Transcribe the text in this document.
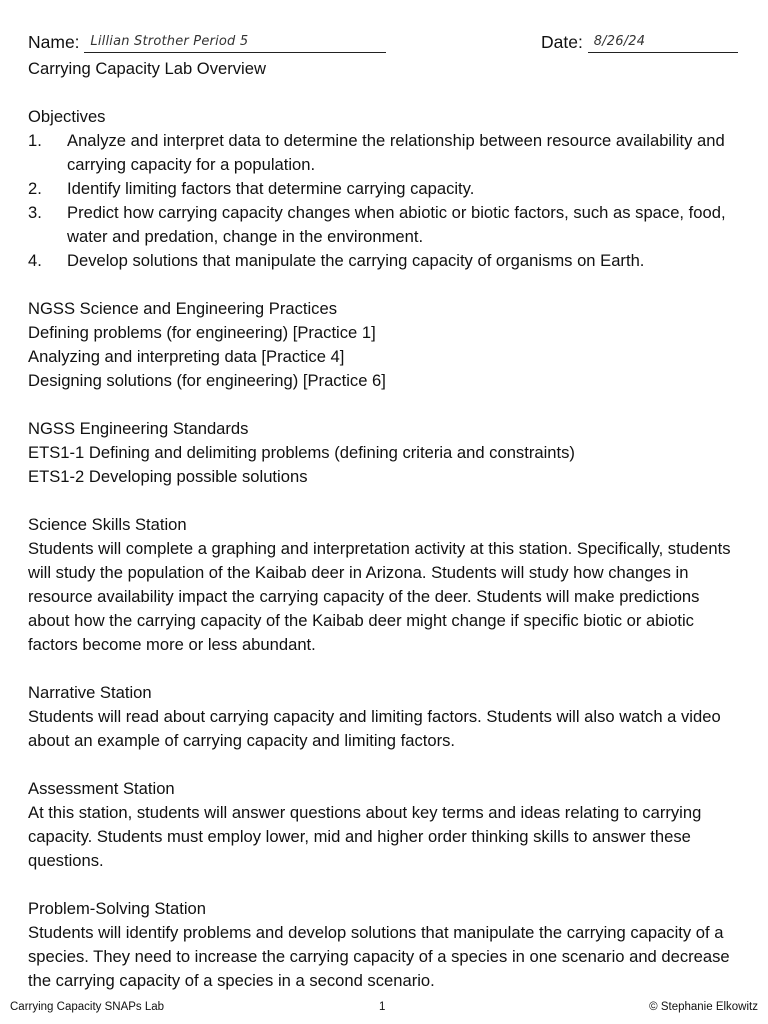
Name: Lillian Strother Period 5	Date: 8/26/24

Carrying Capacity Lab Overview

Objectives

1. Analyze and interpret data to determine the relationship between resource availability and carrying capacity for a population.
2. Identify limiting factors that determine carrying capacity.
3. Predict how carrying capacity changes when abiotic or biotic factors, such as space, food, water and predation, change in the environment.
4. Develop solutions that manipulate the carrying capacity of organisms on Earth.

NGSS Science and Engineering Practices

Defining problems (for engineering) [Practice 1]

Analyzing and interpreting data [Practice 4]

Designing solutions (for engineering) [Practice 6]

NGSS Engineering Standards

ETS1-1 Defining and delimiting problems (defining criteria and constraints)

ETS1-2 Developing possible solutions

Science Skills Station

Students will complete a graphing and interpretation activity at this station. Specifically, students will study the population of the Kaibab deer in Arizona. Students will study how changes in resource availability impact the carrying capacity of the deer. Students will make predictions about how the carrying capacity of the Kaibab deer might change if specific biotic or abiotic factors become more or less abundant.

Narrative Station

Students will read about carrying capacity and limiting factors. Students will also watch a video about an example of carrying capacity and limiting factors.

Assessment Station

At this station, students will answer questions about key terms and ideas relating to carrying capacity. Students must employ lower, mid and higher order thinking skills to answer these questions.

Problem-Solving Station

Students will identify problems and develop solutions that manipulate the carrying capacity of a species. They need to increase the carrying capacity of a species in one scenario and decrease the carrying capacity of a species in a second scenario.

Carrying Capacity SNAPs Lab	1	© Stephanie Elkowitz
